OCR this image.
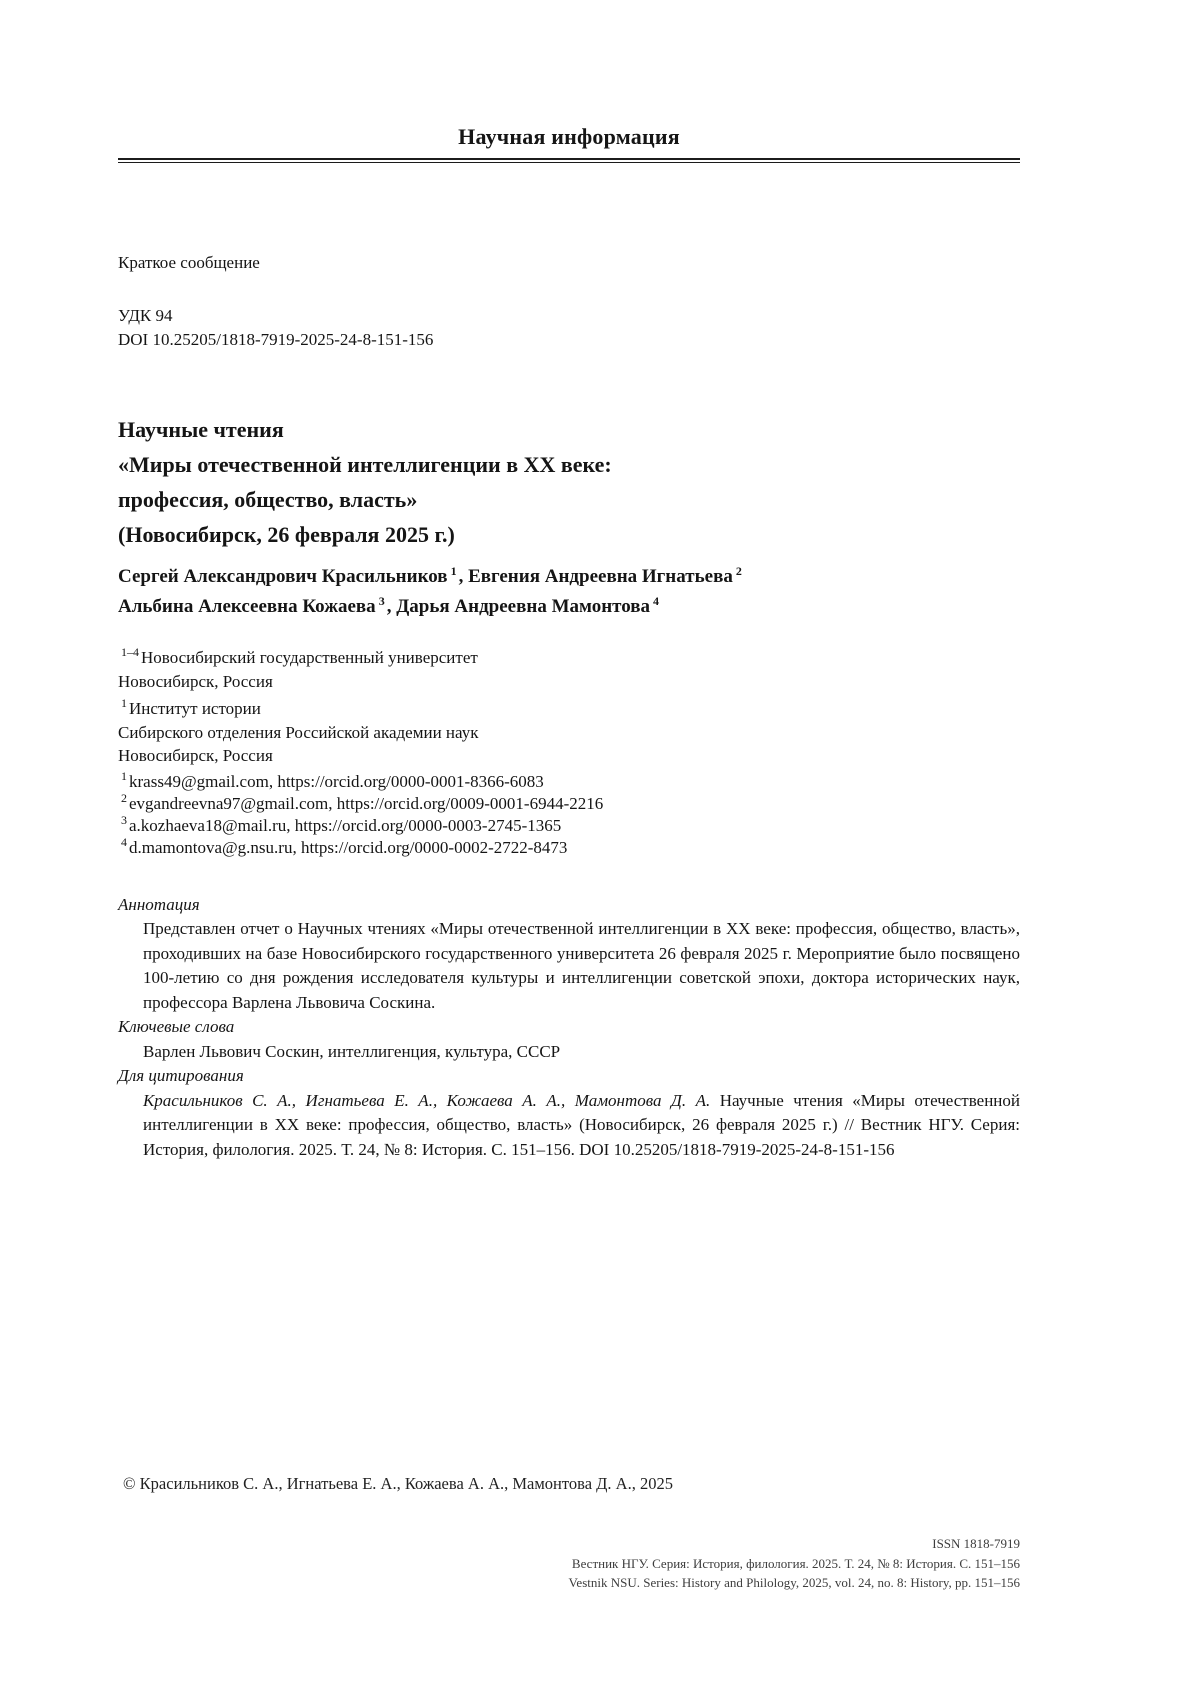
Научная информация
Краткое сообщение
УДК 94
DOI 10.25205/1818-7919-2025-24-8-151-156
Научные чтения
«Миры отечественной интеллигенции в XX веке:
профессия, общество, власть»
(Новосибирск, 26 февраля 2025 г.)
Сергей Александрович Красильников $^1$ , Евгения Андреевна Игнатьева $^2$
Альбина Алексеевна Кожаева $^3$ , Дарья Андреевна Мамонтова $^4$
$^{1-4}$ Новосибирский государственный университет
Новосибирск, Россия
$^1$ Институт истории
Сибирского отделения Российской академии наук
Новосибирск, Россия
$^1$ krass49@gmail.com, https://orcid.org/0000-0001-8366-6083
$^2$ evgandreevna97@gmail.com, https://orcid.org/0009-0001-6944-2216
$^3$ a.kozhaeva18@mail.ru, https://orcid.org/0000-0003-2745-1365
$^4$ d.mamontova@g.nsu.ru, https://orcid.org/0000-0002-2722-8473
Аннотация
Представлен отчет о Научных чтениях «Миры отечественной интеллигенции в XX веке: профессия, общество, власть», проходивших на базе Новосибирского государственного университета 26 февраля 2025 г. Мероприятие было посвящено 100-летию со дня рождения исследователя культуры и интеллигенции советской эпохи, доктора исторических наук, профессора Варлена Львовича Соскина.
Ключевые слова
Варлен Львович Соскин, интеллигенция, культура, СССР
Для цитирования
Красильников С. А., Игнатьева Е. А., Кожаева А. А., Мамонтова Д. А. Научные чтения «Миры отечественной интеллигенции в XX веке: профессия, общество, власть» (Новосибирск, 26 февраля 2025 г.) // Вестник НГУ. Серия: История, филология. 2025. Т. 24, № 8: История. С. 151–156. DOI 10.25205/1818-7919-2025-24-8-151-156
© Красильников С. А., Игнатьева Е. А., Кожаева А. А., Мамонтова Д. А., 2025
ISSN 1818-7919
Вестник НГУ. Серия: История, филология. 2025. Т. 24, № 8: История. С. 151–156
Vestnik NSU. Series: History and Philology, 2025, vol. 24, no. 8: History, pp. 151–156
